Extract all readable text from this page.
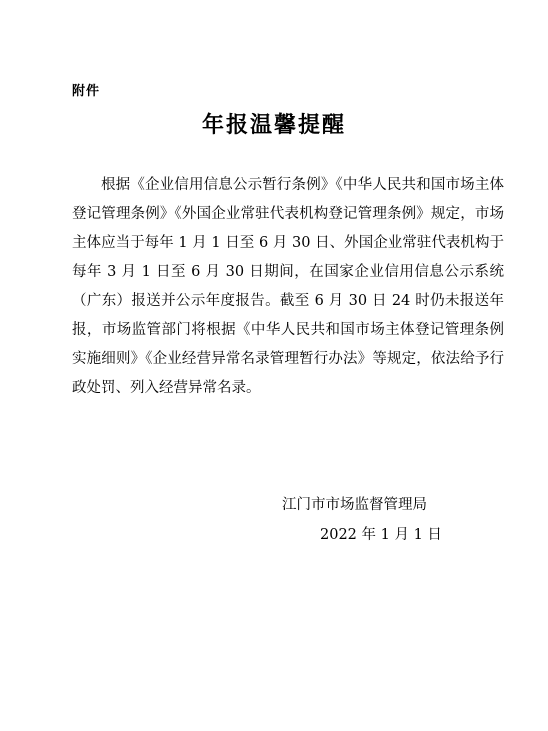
附件
年报温馨提醒

根据《企业信用信息公示暂行条例》《中华人民共和国市场主体登记管理条例》《外国企业常驻代表机构登记管理条例》规定，市场主体应当于每年 1 月 1 日至 6 月 30 日、外国企业常驻代表机构于每年 3 月 1 日至 6 月 30 日期间，在国家企业信用信息公示系统（广东）报送并公示年度报告。截至 6 月 30 日 24 时仍未报送年报，市场监管部门将根据《中华人民共和国市场主体登记管理条例实施细则》《企业经营异常名录管理暂行办法》等规定，依法给予行政处罚、列入经营异常名录。

江门市市场监督管理局
2022 年 1 月 1 日
